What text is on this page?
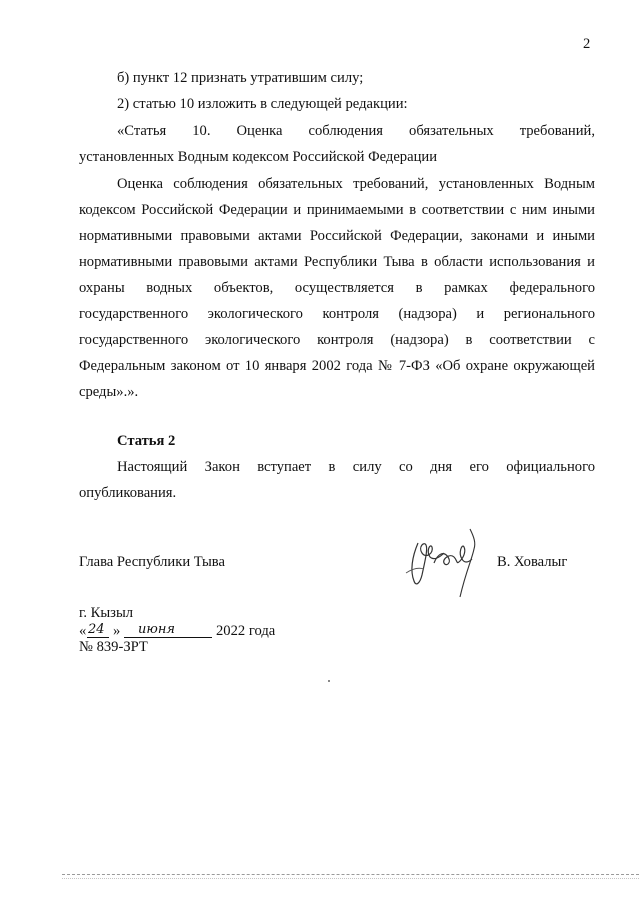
2
б) пункт 12 признать утратившим силу;
2) статью 10 изложить в следующей редакции:
«Статья 10. Оценка соблюдения обязательных требований,
установленных Водным кодексом Российской Федерации
Оценка соблюдения обязательных требований, установленных Водным
кодексом Российской Федерации и принимаемыми в соответствии с ним иными
нормативными правовыми актами Российской Федерации, законами и иными
нормативными правовыми актами Республики Тыва в области использования и
охраны водных объектов, осуществляется в рамках федерального
государственного экологического контроля (надзора) и регионального
государственного экологического контроля (надзора) в соответствии с
Федеральным законом от 10 января 2002 года № 7-ФЗ «Об охране окружающей
среды».».
Статья 2
Настоящий Закон вступает в силу со дня его официального
опубликования.
Глава Республики Тыва	В. Ховалыг
г. Кызыл
« 24 » июня	2022 года
№ 839-ЗРТ
